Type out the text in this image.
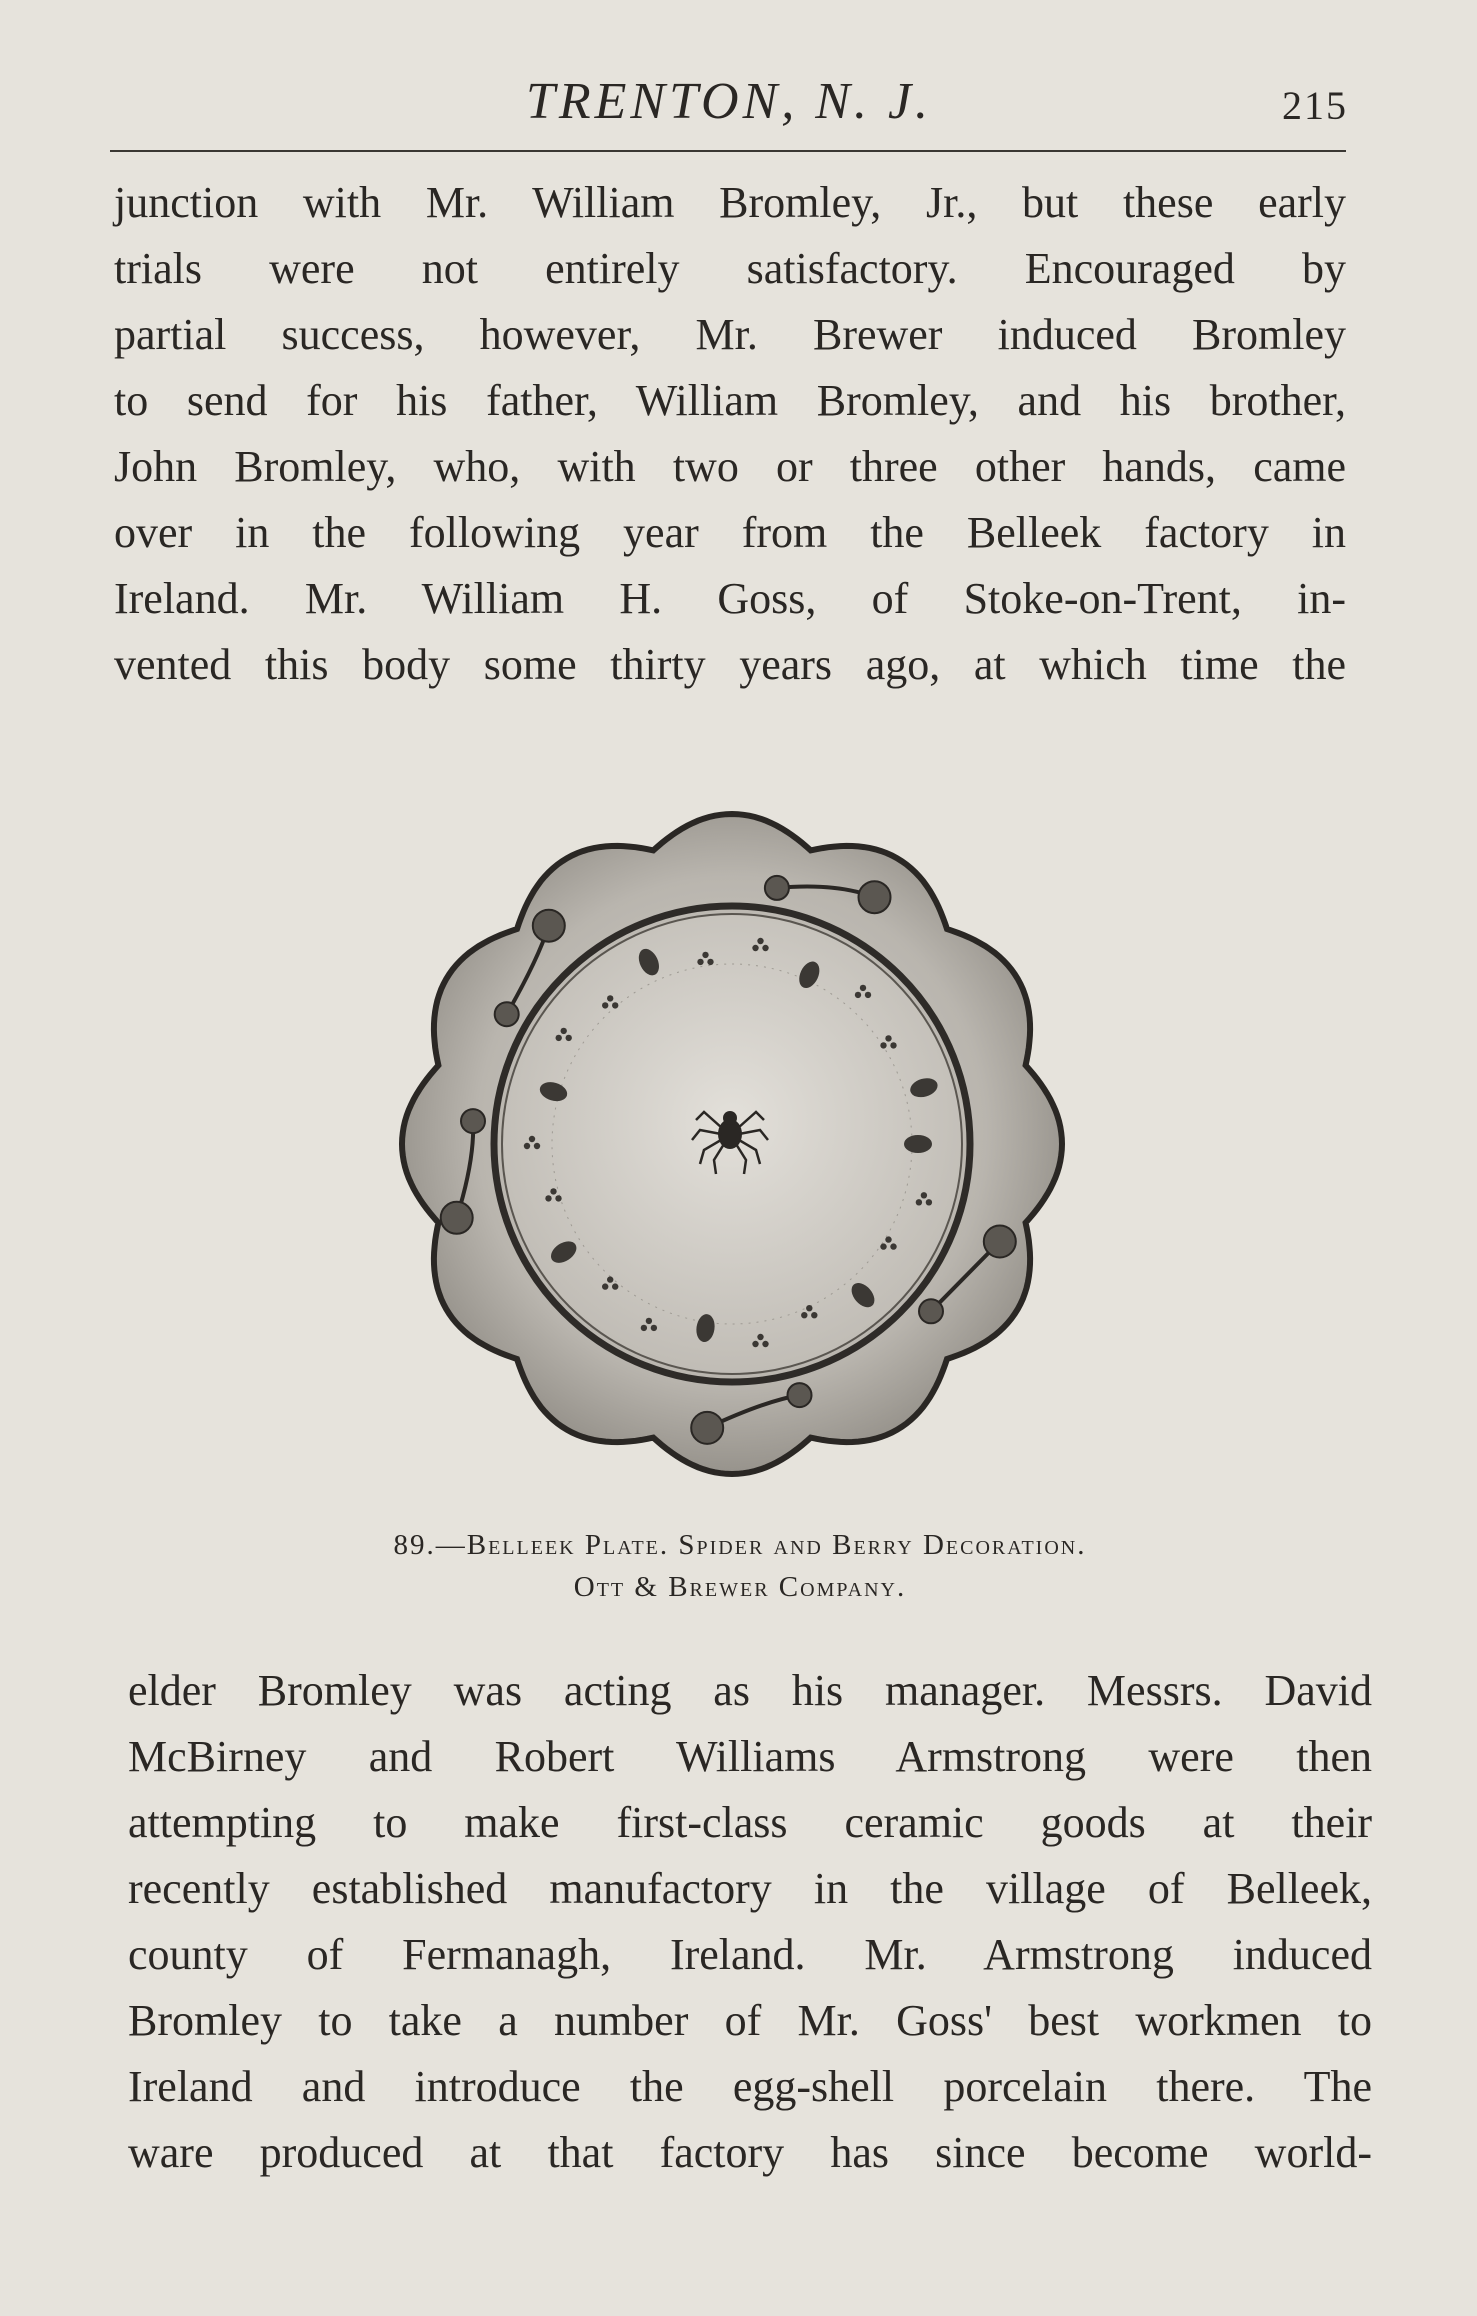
TRENTON, N. J.	215
junction with Mr. William Bromley, Jr., but these early
trials were not entirely satisfactory. Encouraged by
partial success, however, Mr. Brewer induced Bromley
to send for his father, William Bromley, and his brother,
John Bromley, who, with two or three other hands, came
over in the following year from the Belleek factory in
Ireland. Mr. William H. Goss, of Stoke-on-Trent, in-
vented this body some thirty years ago, at which time the
89.—Belleek Plate. Spider and Berry Decoration.
Ott & Brewer Company.
elder Bromley was acting as his manager. Messrs. David
McBirney and Robert Williams Armstrong were then
attempting to make first-class ceramic goods at their
recently established manufactory in the village of Belleek,
county of Fermanagh, Ireland. Mr. Armstrong induced
Bromley to take a number of Mr. Goss' best workmen to
Ireland and introduce the egg-shell porcelain there. The
ware produced at that factory has since become world-
